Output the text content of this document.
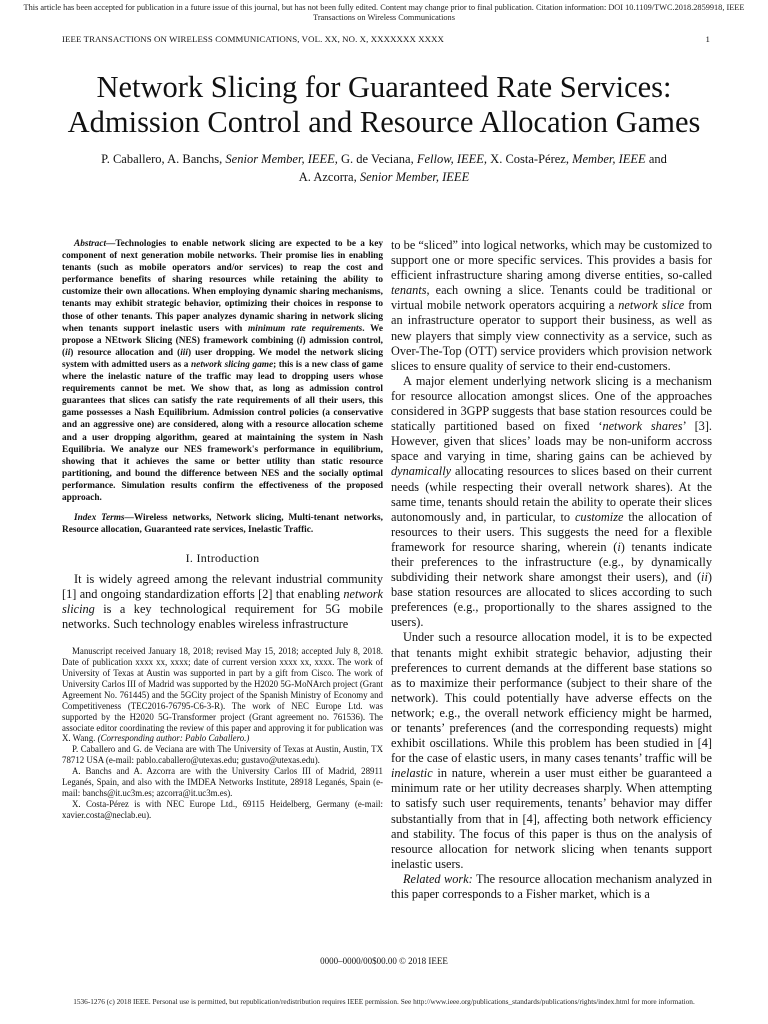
This article has been accepted for publication in a future issue of this journal, but has not been fully edited. Content may change prior to final publication. Citation information: DOI 10.1109/TWC.2018.2859918, IEEE Transactions on Wireless Communications
IEEE TRANSACTIONS ON WIRELESS COMMUNICATIONS, VOL. XX, NO. X, XXXXXXX XXXX	1
Network Slicing for Guaranteed Rate Services:
Admission Control and Resource Allocation Games
P. Caballero, A. Banchs, Senior Member, IEEE, G. de Veciana, Fellow, IEEE, X. Costa-Pérez, Member, IEEE and
A. Azcorra, Senior Member, IEEE

Abstract—Technologies to enable network slicing are expected to be a key component of next generation mobile networks. Their promise lies in enabling tenants (such as mobile operators and/or services) to reap the cost and performance benefits of sharing resources while retaining the ability to customize their own allocations. When employing dynamic sharing mechanisms, tenants may exhibit strategic behavior, optimizing their choices in response to those of other tenants. This paper analyzes dynamic sharing in network slicing when tenants support inelastic users with minimum rate requirements. We propose a NEtwork Slicing (NES) framework combining (i) admission control, (ii) resource allocation and (iii) user dropping. We model the network slicing system with admitted users as a network slicing game; this is a new class of game where the inelastic nature of the traffic may lead to dropping users whose requirements cannot be met. We show that, as long as admission control guarantees that slices can satisfy the rate requirements of all their users, this game possesses a Nash Equilibrium. Admission control policies (a conservative and an aggressive one) are considered, along with a resource allocation scheme and a user dropping algorithm, geared at maintaining the system in Nash Equilibria. We analyze our NES framework's performance in equilibrium, showing that it achieves the same or better utility than static resource partitioning, and bound the difference between NES and the socially optimal performance. Simulation results confirm the effectiveness of the proposed approach.

Index Terms—Wireless networks, Network slicing, Multi-tenant networks, Resource allocation, Guaranteed rate services, Inelastic Traffic.

I. Introduction

It is widely agreed among the relevant industrial community [1] and ongoing standardization efforts [2] that enabling network slicing is a key technological requirement for 5G mobile networks. Such technology enables wireless infrastructure

Manuscript received January 18, 2018; revised May 15, 2018; accepted July 8, 2018. Date of publication xxxx xx, xxxx; date of current version xxxx xx, xxxx. The work of University of Texas at Austin was supported in part by a gift from Cisco. The work of University Carlos III of Madrid was supported by the H2020 5G-MoNArch project (Grant Agreement No. 761445) and the 5GCity project of the Spanish Ministry of Economy and Competitiveness (TEC2016-76795-C6-3-R). The work of NEC Europe Ltd. was supported by the H2020 5G-Transformer project (Grant agreement no. 761536). The associate editor coordinating the review of this paper and approving it for publication was X. Wang. (Corresponding author: Pablo Caballero.)

P. Caballero and G. de Veciana are with The University of Texas at Austin, Austin, TX 78712 USA (e-mail: pablo.caballero@utexas.edu; gustavo@utexas.edu).

A. Banchs and A. Azcorra are with the University Carlos III of Madrid, 28911 Leganés, Spain, and also with the IMDEA Networks Institute, 28918 Leganés, Spain (e-mail: banchs@it.uc3m.es; azcorra@it.uc3m.es).

X. Costa-Pérez is with NEC Europe Ltd., 69115 Heidelberg, Germany (e-mail: xavier.costa@neclab.eu).

to be “sliced” into logical networks, which may be customized to support one or more specific services. This provides a basis for efficient infrastructure sharing among diverse entities, so-called tenants, each owning a slice. Tenants could be traditional or virtual mobile network operators acquiring a network slice from an infrastructure operator to support their business, as well as new players that simply view connectivity as a service, such as Over-The-Top (OTT) service providers which provision network slices to ensure quality of service to their end-customers.

A major element underlying network slicing is a mechanism for resource allocation amongst slices. One of the approaches considered in 3GPP suggests that base station resources could be statically partitioned based on fixed ‘network shares’ [3]. However, given that slices’ loads may be non-uniform accross space and varying in time, sharing gains can be achieved by dynamically allocating resources to slices based on their current needs (while respecting their overall network shares). At the same time, tenants should retain the ability to operate their slices autonomously and, in particular, to customize the allocation of resources to their users. This suggests the need for a flexible framework for resource sharing, wherein (i) tenants indicate their preferences to the infrastructure (e.g., by dynamically subdividing their network share amongst their users), and (ii) base station resources are allocated to slices according to such preferences (e.g., proportionally to the shares assigned to the users).

Under such a resource allocation model, it is to be expected that tenants might exhibit strategic behavior, adjusting their preferences to current demands at the different base stations so as to maximize their performance (subject to their share of the network). This could potentially have adverse effects on the network; e.g., the overall network efficiency might be harmed, or tenants’ preferences (and the corresponding requests) might exhibit oscillations. While this problem has been studied in [4] for the case of elastic users, in many cases tenants’ traffic will be inelastic in nature, wherein a user must either be guaranteed a minimum rate or her utility decreases sharply. When attempting to satisfy such user requirements, tenants’ behavior may differ substantially from that in [4], affecting both network efficiency and stability. The focus of this paper is thus on the analysis of resource allocation for network slicing when tenants support inelastic users.

Related work: The resource allocation mechanism analyzed in this paper corresponds to a Fisher market, which is a

0000–0000/00$00.00 © 2018 IEEE
1536-1276 (c) 2018 IEEE. Personal use is permitted, but republication/redistribution requires IEEE permission. See http://www.ieee.org/publications_standards/publications/rights/index.html for more information.
